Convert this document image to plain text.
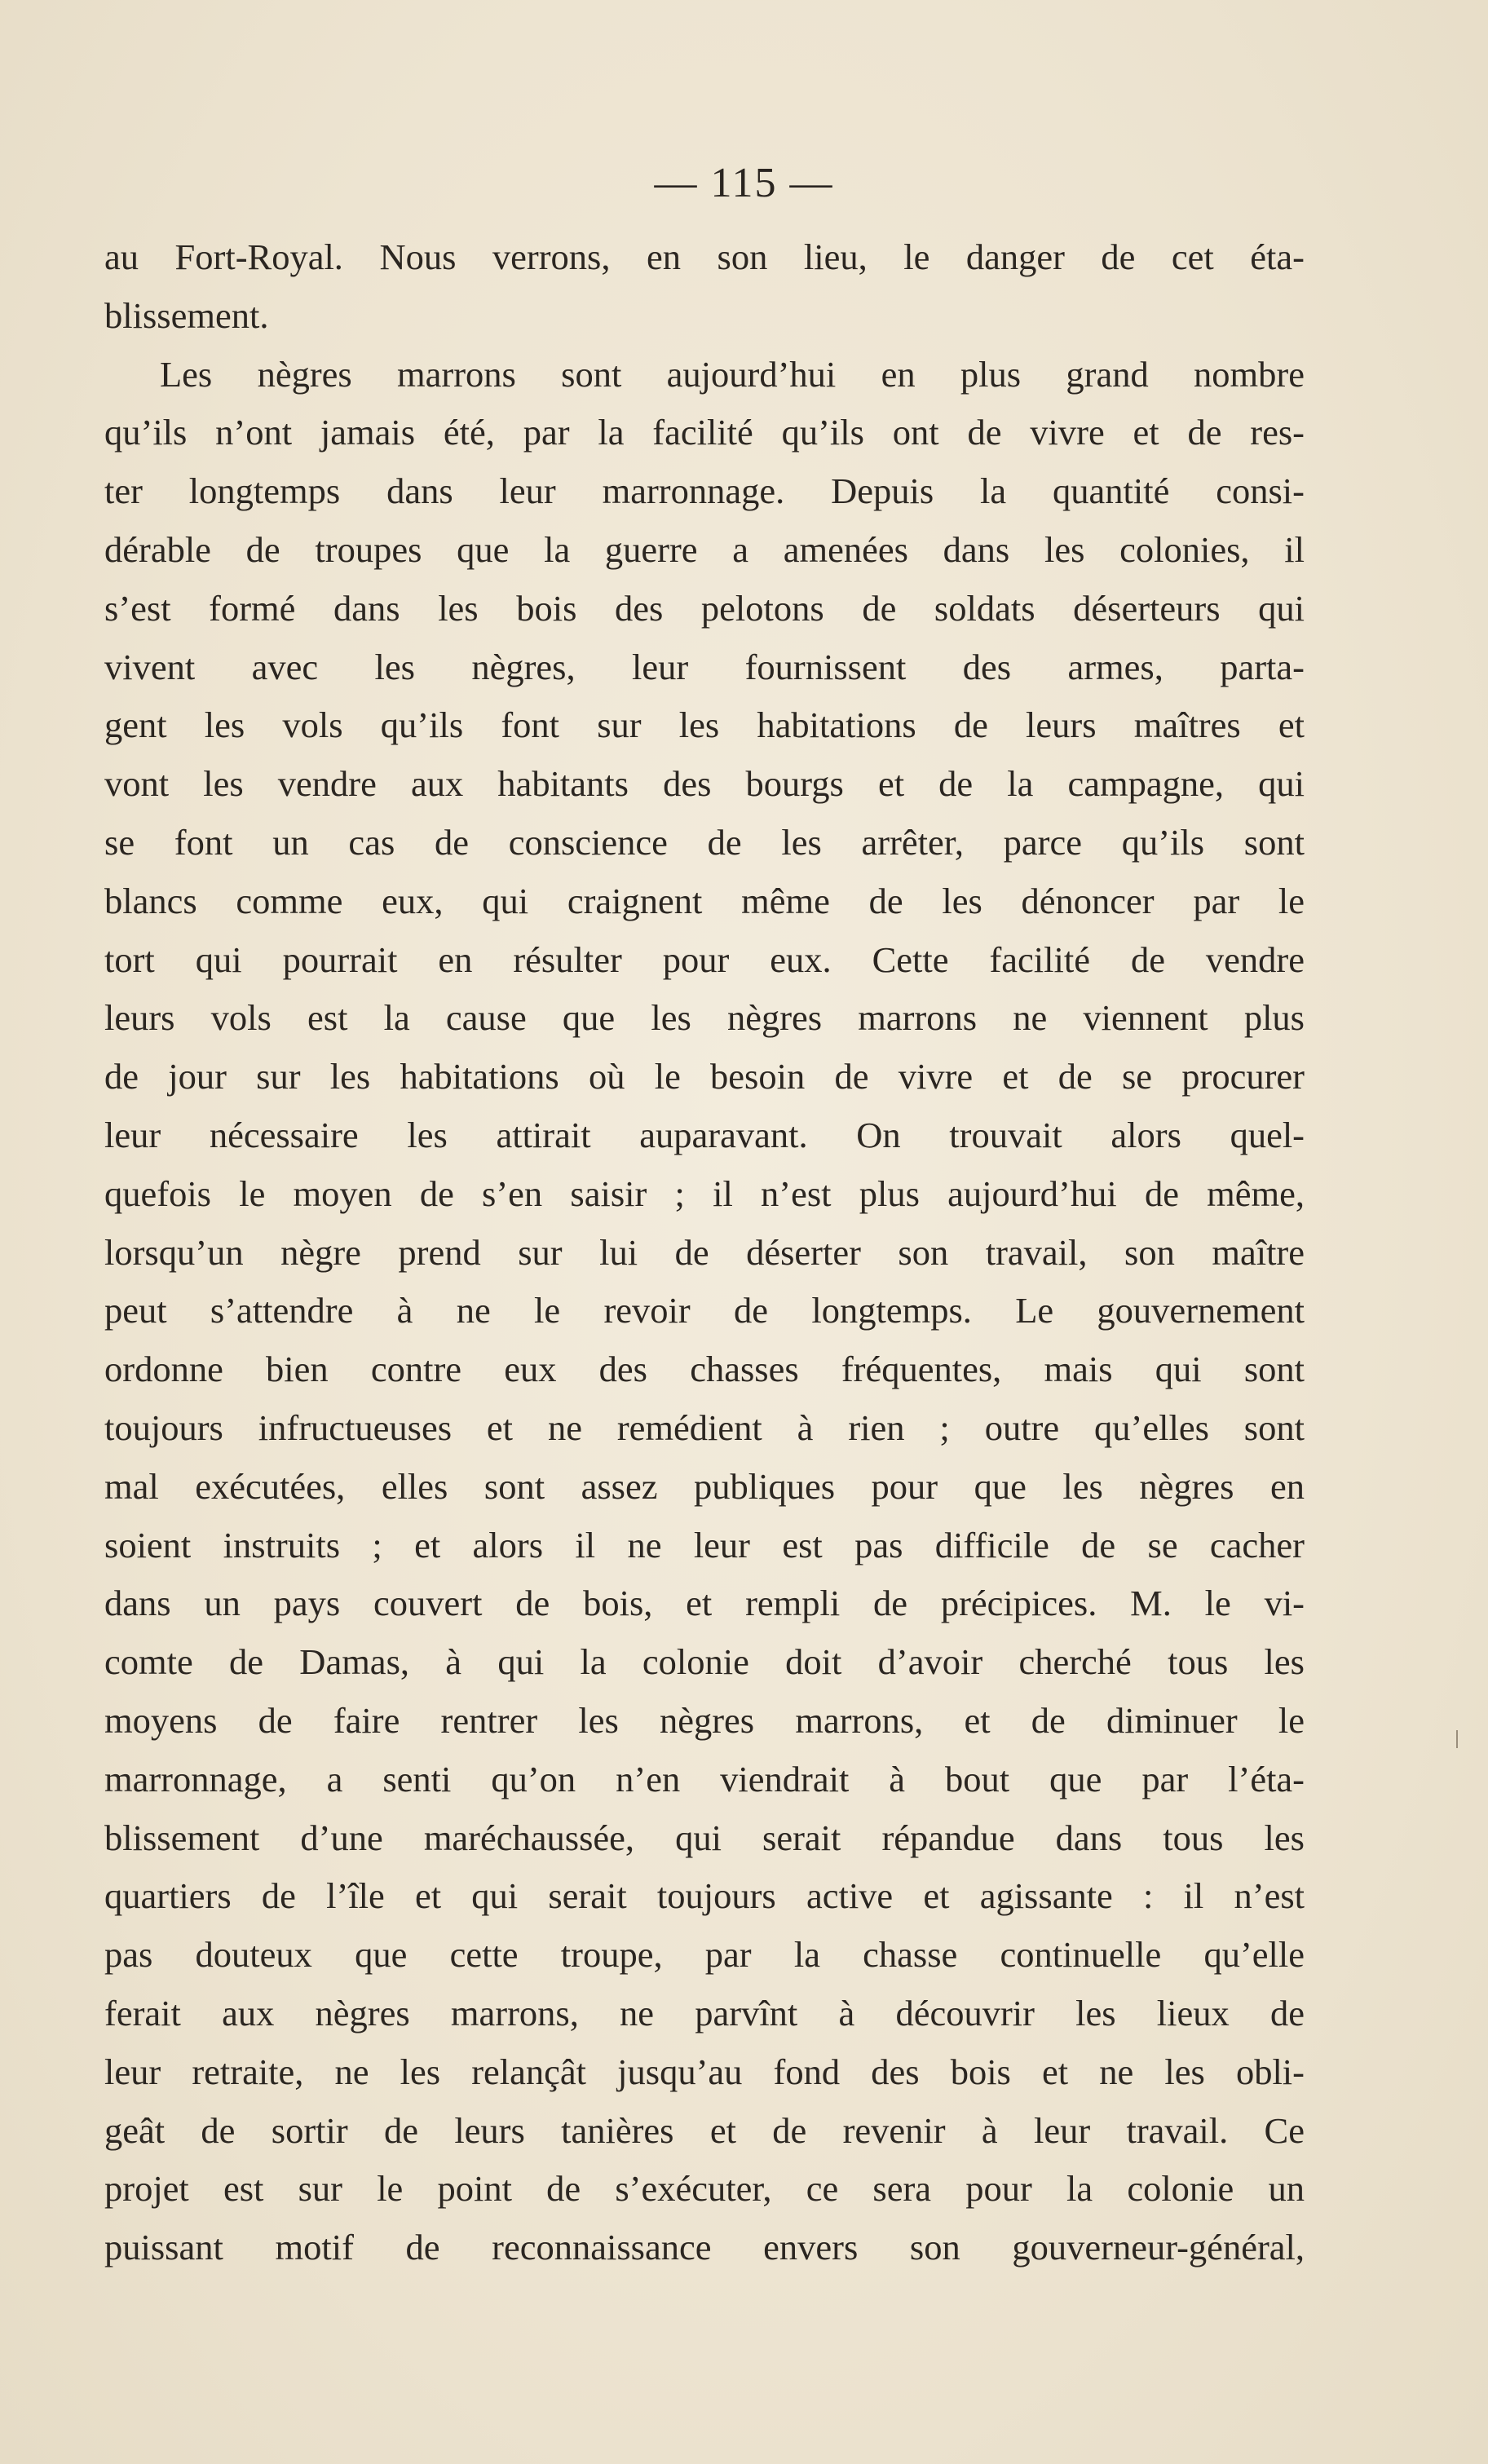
— 115 —
au Fort-Royal. Nous verrons, en son lieu, le danger de cet éta-
blissement.
Les nègres marrons sont aujourd’hui en plus grand nombre
qu’ils n’ont jamais été, par la facilité qu’ils ont de vivre et de res-
ter longtemps dans leur marronnage. Depuis la quantité consi-
dérable de troupes que la guerre a amenées dans les colonies, il
s’est formé dans les bois des pelotons de soldats déserteurs qui
vivent avec les nègres, leur fournissent des armes, parta-
gent les vols qu’ils font sur les habitations de leurs maîtres et
vont les vendre aux habitants des bourgs et de la campagne, qui
se font un cas de conscience de les arrêter, parce qu’ils sont
blancs comme eux, qui craignent même de les dénoncer par le
tort qui pourrait en résulter pour eux. Cette facilité de vendre
leurs vols est la cause que les nègres marrons ne viennent plus
de jour sur les habitations où le besoin de vivre et de se procurer
leur nécessaire les attirait auparavant. On trouvait alors quel-
quefois le moyen de s’en saisir ; il n’est plus aujourd’hui de même,
lorsqu’un nègre prend sur lui de déserter son travail, son maître
peut s’attendre à ne le revoir de longtemps. Le gouvernement
ordonne bien contre eux des chasses fréquentes, mais qui sont
toujours infructueuses et ne remédient à rien ; outre qu’elles sont
mal exécutées, elles sont assez publiques pour que les nègres en
soient instruits ; et alors il ne leur est pas difficile de se cacher
dans un pays couvert de bois, et rempli de précipices. M. le vi-
comte de Damas, à qui la colonie doit d’avoir cherché tous les
moyens de faire rentrer les nègres marrons, et de diminuer le
marronnage, a senti qu’on n’en viendrait à bout que par l’éta-
blissement d’une maréchaussée, qui serait répandue dans tous les
quartiers de l’île et qui serait toujours active et agissante : il n’est
pas douteux que cette troupe, par la chasse continuelle qu’elle
ferait aux nègres marrons, ne parvînt à découvrir les lieux de
leur retraite, ne les relançât jusqu’au fond des bois et ne les obli-
geât de sortir de leurs tanières et de revenir à leur travail. Ce
projet est sur le point de s’exécuter, ce sera pour la colonie un
puissant motif de reconnaissance envers son gouverneur-général,
